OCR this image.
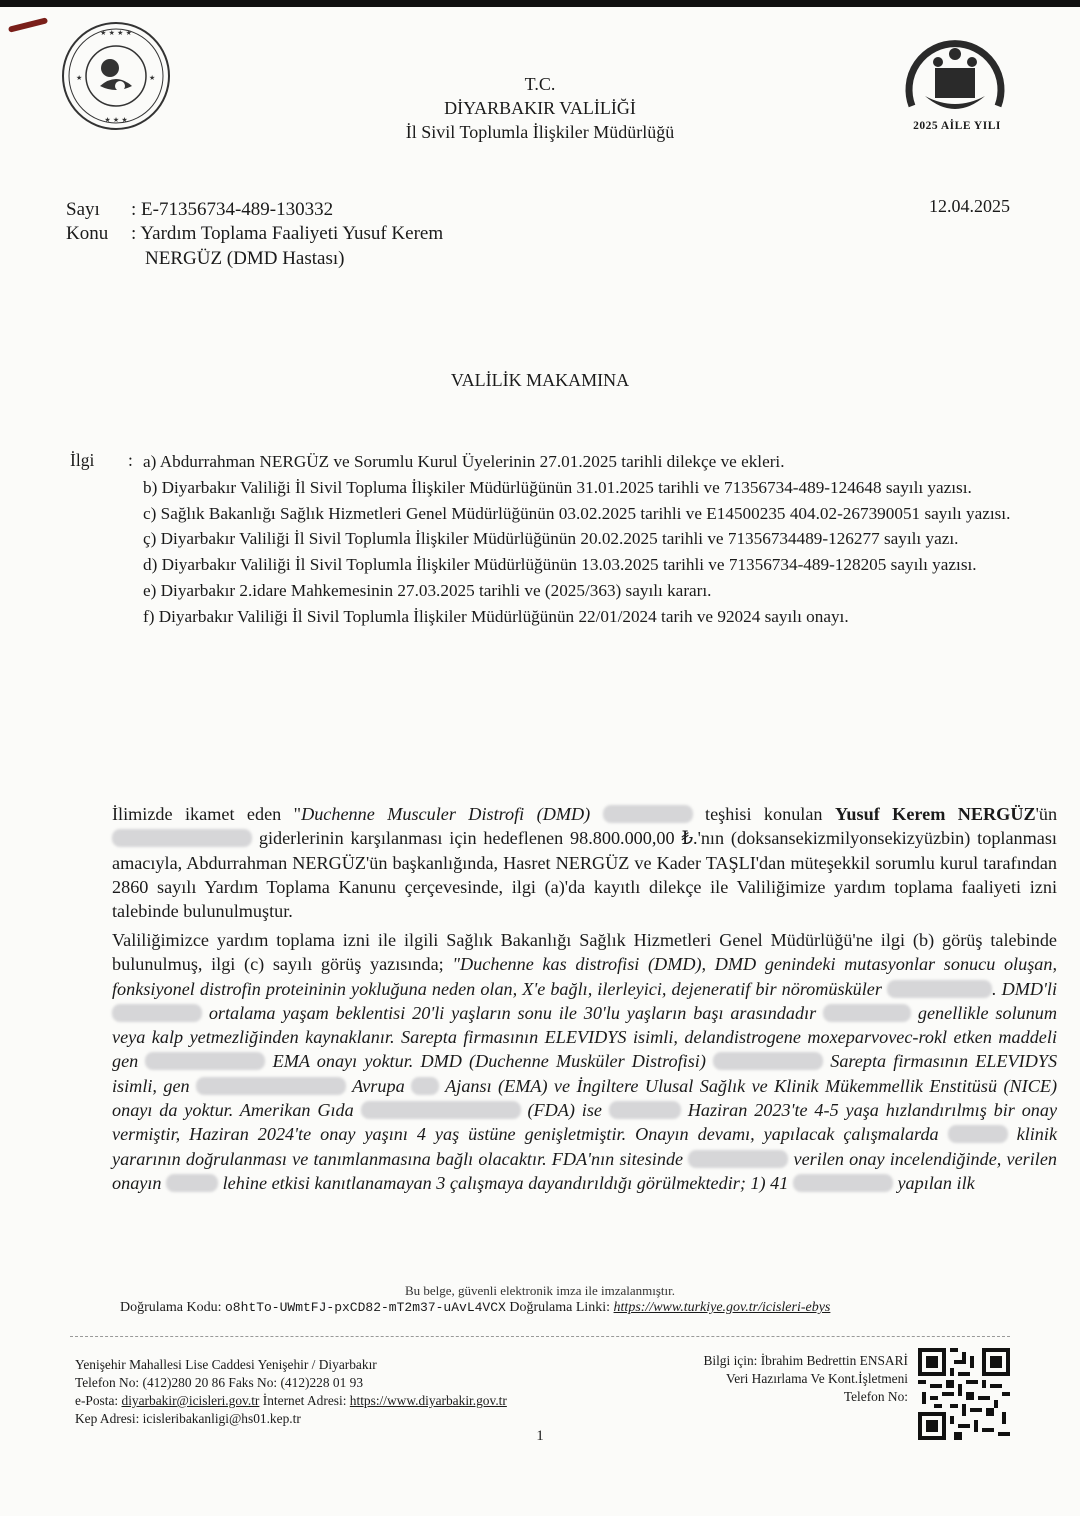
★ ★ ★ ★
★ ★ ★
★	★
2025 AİLE YILI
T.C.
DİYARBAKIR VALİLİĞİ
İl Sivil Toplumla İlişkiler Müdürlüğü
Sayı : E-71356734-489-130332
Konu : Yardım Toplama Faaliyeti Yusuf Kerem
NERGÜZ (DMD Hastası)
12.04.2025
VALİLİK MAKAMINA
İlgi : a) Abdurrahman NERGÜZ ve Sorumlu Kurul Üyelerinin 27.01.2025 tarihli dilekçe ve ekleri.
b) Diyarbakır Valiliği İl Sivil Topluma İlişkiler Müdürlüğünün 31.01.2025 tarihli ve 71356734-489-124648 sayılı yazısı.
c) Sağlık Bakanlığı Sağlık Hizmetleri Genel Müdürlüğünün 03.02.2025 tarihli ve E14500235 404.02-267390051 sayılı yazısı.
ç) Diyarbakır Valiliği İl Sivil Toplumla İlişkiler Müdürlüğünün 20.02.2025 tarihli ve 71356734489-126277 sayılı yazı.
d) Diyarbakır Valiliği İl Sivil Toplumla İlişkiler Müdürlüğünün 13.03.2025 tarihli ve 71356734-489-128205 sayılı yazısı.
e) Diyarbakır 2.idare Mahkemesinin 27.03.2025 tarihli ve (2025/363) sayılı kararı.
f) Diyarbakır Valiliği İl Sivil Toplumla İlişkiler Müdürlüğünün 22/01/2024 tarih ve 92024 sayılı onayı.
İlimizde ikamet eden "Duchenne Musculer Distrofi (DMD)	teşhisi konulan Yusuf Kerem NERGÜZ'ün  giderlerinin karşılanması için hedeflenen 98.800.000,00 ₺.'nın (doksansekizmilyonsekizyüzbin) toplanması amacıyla, Abdurrahman NERGÜZ'ün başkanlığında, Hasret NERGÜZ ve Kader TAŞLI'dan müteşekkil sorumlu kurul tarafından 2860 sayılı Yardım Toplama Kanunu çerçevesinde, ilgi (a)'da kayıtlı dilekçe ile Valiliğimize yardım toplama faaliyeti izni talebinde bulunulmuştur.
Valiliğimizce yardım toplama izni ile ilgili Sağlık Bakanlığı Sağlık Hizmetleri Genel Müdürlüğü'ne ilgi (b) görüş talebinde bulunulmuş, ilgi (c) sayılı görüş yazısında; "Duchenne kas distrofisi (DMD), DMD genindeki mutasyonlar sonucu oluşan, fonksiyonel distrofin proteininin yokluğuna neden olan, X'e bağlı, ilerleyici, dejeneratif bir nöromüsküler	. DMD'li  ortalama yaşam beklentisi 20'li yaşların sonu ile 30'lu yaşların başı arasındadır	genellikle solunum veya kalp yetmezliğinden kaynaklanır. Sarepta firmasının ELEVIDYS isimli, delandistrogene moxeparvovec-rokl etken maddeli gen	EMA onayı yoktur. DMD (Duchenne Musküler Distrofisi)	Sarepta firmasının ELEVIDYS isimli, gen	Avrupa Ajansı (EMA) ve İngiltere Ulusal Sağlık ve Klinik Mükemmellik Enstitüsü (NICE) onayı da yoktur. Amerikan Gıda	(FDA) ise	Haziran 2023'te 4-5 yaşa hızlandırılmış bir onay vermiştir, Haziran 2024'te onay yaşını 4 yaş üstüne genişletmiştir. Onayın devamı, yapılacak çalışmalarda	klinik yararının doğrulanması ve tanımlanmasına bağlı olacaktır. FDA'nın sitesinde	verilen onay incelendiğinde, verilen onayın	lehine etkisi kanıtlanamayan 3 çalışmaya dayandırıldığı görülmektedir; 1) 41	yapılan ilk
Bu belge, güvenli elektronik imza ile imzalanmıştır.
Doğrulama Kodu: o8htTo-UWmtFJ-pxCD82-mT2m37-uAvL4VCX Doğrulama Linki: https://www.turkiye.gov.tr/icisleri-ebys
Yenişehir Mahallesi Lise Caddesi Yenişehir / Diyarbakır
Telefon No: (412)280 20 86 Faks No: (412)228 01 93
e-Posta: diyarbakir@icisleri.gov.tr İnternet Adresi: https://www.diyarbakir.gov.tr
Kep Adresi: icisleribakanligi@hs01.kep.tr
Bilgi için: İbrahim Bedrettin ENSARİ
Veri Hazırlama Ve Kont.İşletmeni
Telefon No:
1
